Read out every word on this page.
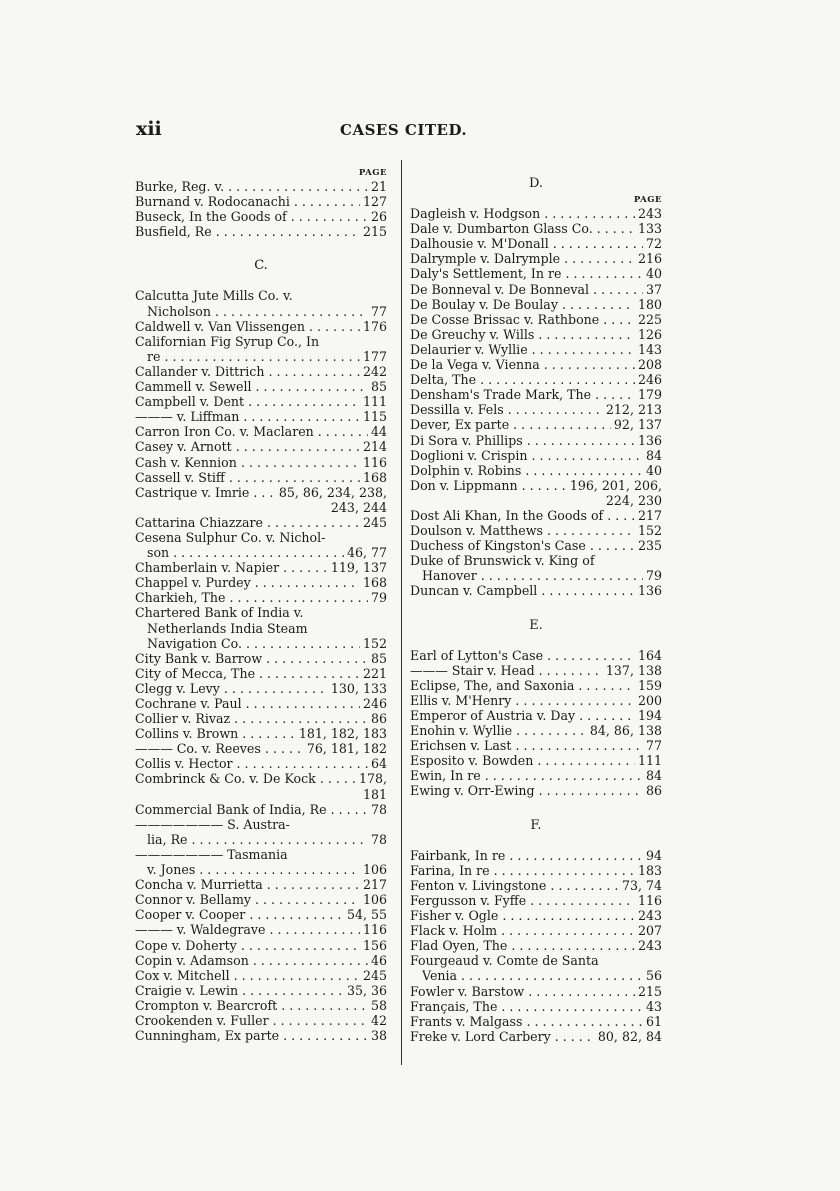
xii	CASES CITED.
PAGE
Burke, Reg. v. . . .	21
Burnand v. Rodocanachi . . .	127
Buseck, In the Goods of . . .	26
Busfield, Re . . .	215
C.
Calcutta Jute Mills Co. v.
Nicholson . . .	77
Caldwell v. Van Vlissengen . . .	176
Californian Fig Syrup Co., In
re . . .	177
Callander v. Dittrich . . .	242
Cammell v. Sewell . . .	85
Campbell v. Dent . . .	111
——— v. Liffman . . .	115
Carron Iron Co. v. Maclaren . . .	44
Casey v. Arnott . . .	214
Cash v. Kennion . . .	116
Cassell v. Stiff . . .	168
Castrique v. Imrie . . .	85, 86, 234, 238,
243, 244
Cattarina Chiazzare . . .	245
Cesena Sulphur Co. v. Nichol-
son . . .	46, 77
Chamberlain v. Napier . . .	119, 137
Chappel v. Purdey . . .	168
Charkieh, The . . .	79
Chartered Bank of India v.
Netherlands India Steam
Navigation Co. . . .	152
City Bank v. Barrow . . .	85
City of Mecca, The . . .	221
Clegg v. Levy . . .	130, 133
Cochrane v. Paul . . .	246
Collier v. Rivaz . . .	86
Collins v. Brown . . .	181, 182, 183
——— Co. v. Reeves . . .	76, 181, 182
Collis v. Hector . . .	64
Combrinck & Co. v. De Kock . . .	178,
181
Commercial Bank of India, Re . . .	78
——————— S. Austra-
lia, Re . . .	78
——————— Tasmania
v. Jones . . .	106
Concha v. Murrietta . . .	217
Connor v. Bellamy . . .	106
Cooper v. Cooper . . .	54, 55
——— v. Waldegrave . . .	116
Cope v. Doherty . . .	156
Copin v. Adamson . . .	46
Cox v. Mitchell . . .	245
Craigie v. Lewin . . .	35, 36
Crompton v. Bearcroft . . .	58
Crookenden v. Fuller . . .	42
Cunningham, Ex parte . . .	38
D.
PAGE
Dagleish v. Hodgson . . .	243
Dale v. Dumbarton Glass Co. . . .	133
Dalhousie v. M'Donall . . .	72
Dalrymple v. Dalrymple . . .	216
Daly's Settlement, In re . . .	40
De Bonneval v. De Bonneval . . .	37
De Boulay v. De Boulay . . .	180
De Cosse Brissac v. Rathbone . . .	225
De Greuchy v. Wills . . .	126
Delaurier v. Wyllie . . .	143
De la Vega v. Vienna . . .	208
Delta, The . . .	246
Densham's Trade Mark, The . . .	179
Dessilla v. Fels . . .	212, 213
Dever, Ex parte . . .	92, 137
Di Sora v. Phillips . . .	136
Doglioni v. Crispin . . .	84
Dolphin v. Robins . . .	40
Don v. Lippmann . . .	196, 201, 206,
224, 230
Dost Ali Khan, In the Goods of . . .	217
Doulson v. Matthews . . .	152
Duchess of Kingston's Case . . .	235
Duke of Brunswick v. King of
Hanover . . .	79
Duncan v. Campbell . . .	136
E.
Earl of Lytton's Case . . .	164
——— Stair v. Head . . .	137, 138
Eclipse, The, and Saxonia . . .	159
Ellis v. M'Henry . . .	200
Emperor of Austria v. Day . . .	194
Enohin v. Wyllie . . .	84, 86, 138
Erichsen v. Last . . .	77
Esposito v. Bowden . . .	111
Ewin, In re . . .	84
Ewing v. Orr-Ewing . . .	86
F.
Fairbank, In re . . .	94
Farina, In re . . .	183
Fenton v. Livingstone . . .	73, 74
Fergusson v. Fyffe . . .	116
Fisher v. Ogle . . .	243
Flack v. Holm . . .	207
Flad Oyen, The . . .	243
Fourgeaud v. Comte de Santa
Venia . . .	56
Fowler v. Barstow . . .	215
Français, The . . .	43
Frants v. Malgass . . .	61
Freke v. Lord Carbery . . .	80, 82, 84
